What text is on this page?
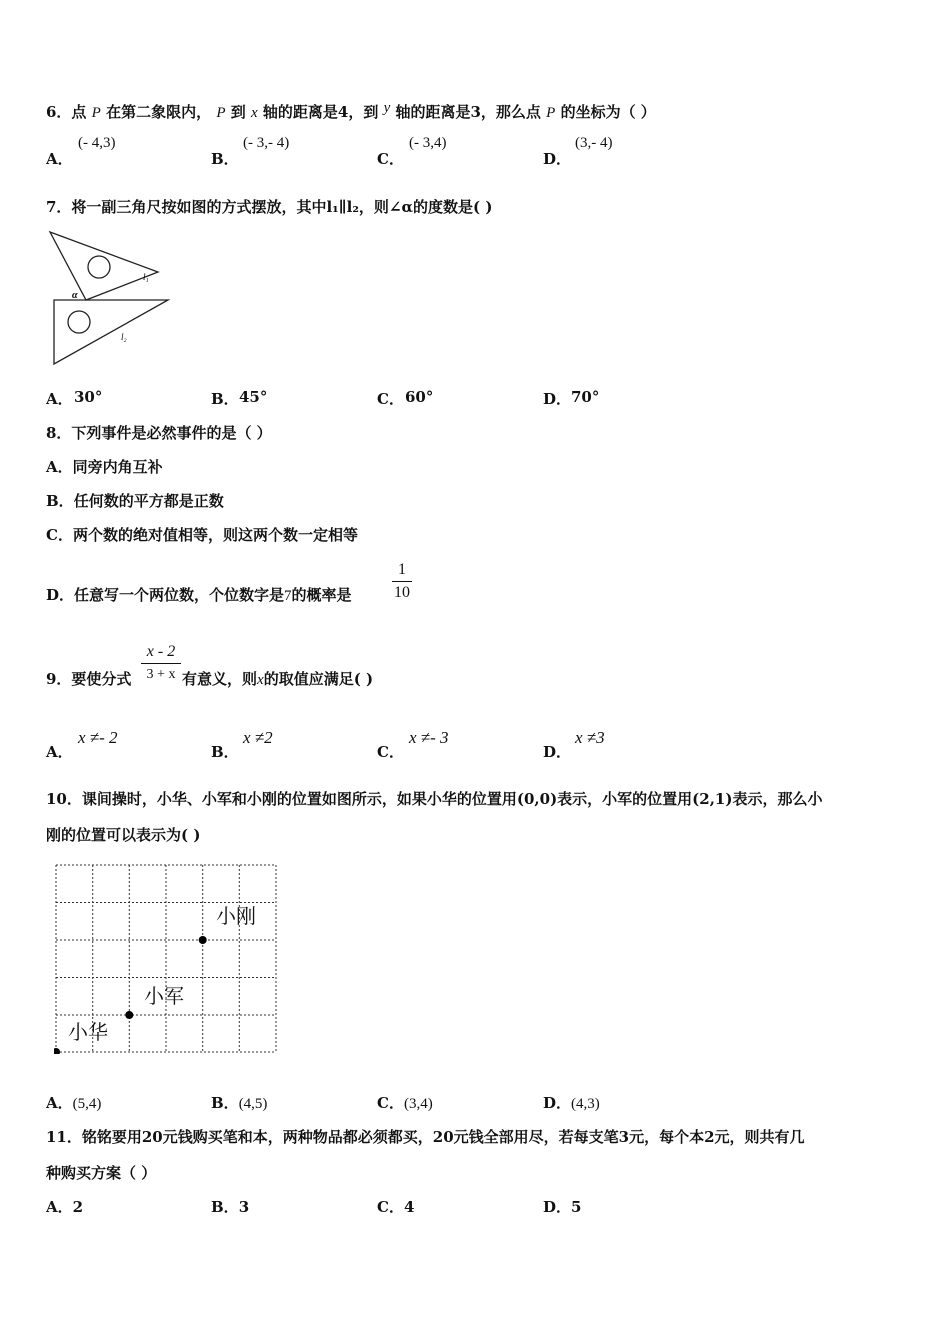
6．点 P 在第二象限内， P 到 x 轴的距离是4，到 y 轴的距离是3，那么点 P 的坐标为（ ）
A．
(- 4,3)
B．
(- 3,- 4)
C．
(- 3,4)
D．
(3,- 4)
7．将一副三角尺按如图的方式摆放，其中l₁∥l₂，则∠α的度数是( )
α
l₁
l₂
A． 30°	B． 45°	C． 60°	D． 70°
8．下列事件是必然事件的是（ ）
A．同旁内角互补
B．任何数的平方都是正数
C．两个数的绝对值相等，则这两个数一定相等
D．任意写一个两位数，个位数字是7的概率是
1
10
9．要使分式
x - 2
3 + x 有意义，则x的取值应满足( )
A．
x ≠- 2
B．
x ≠2
C．
x ≠- 3
D．
x ≠3
10．课间操时，小华、小军和小刚的位置如图所示，如果小华的位置用(0,0)表示，小军的位置用(2,1)表示，那么小
刚的位置可以表示为( )
小刚
小军
小华
A．(5,4)	B．(4,5)	C．(3,4)	D．(4,3)
11．铭铭要用20元钱购买笔和本，两种物品都必须都买，20元钱全部用尽，若每支笔3元，每个本2元，则共有几
种购买方案（ ）
A．2	B．3	C．4	D．5
